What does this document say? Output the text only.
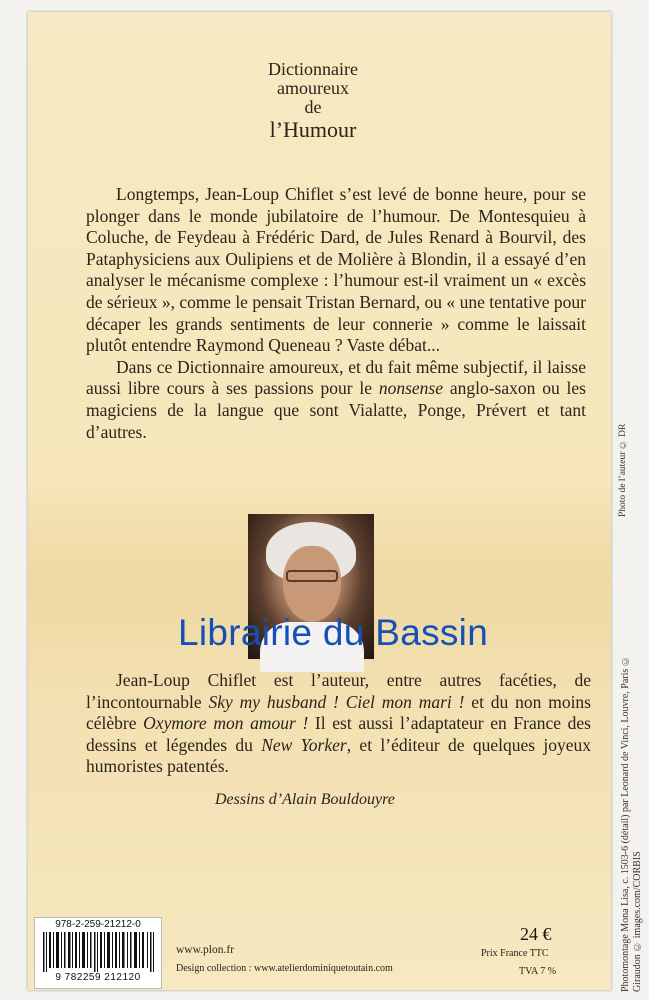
Dictionnaire
amoureux
de
l’Humour

Longtemps, Jean-Loup Chiflet s’est levé de bonne heure, pour se plonger dans le monde jubilatoire de l’humour. De Montesquieu à Coluche, de Feydeau à Frédéric Dard, de Jules Renard à Bourvil, des Pataphysiciens aux Oulipiens et de Molière à Blondin, il a essayé d’en analyser le mécanisme complexe : l’humour est-il vraiment un « excès de sérieux », comme le pensait Tristan Bernard, ou « une tentative pour décaper les grands sentiments de leur connerie » comme le laissait plutôt entendre Raymond Queneau ? Vaste débat...

Dans ce Dictionnaire amoureux, et du fait même subjectif, il laisse aussi libre cours à ses passions pour le nonsense anglo-saxon ou les magiciens de la langue que sont Vialatte, Ponge, Prévert et tant d’autres.	Photo de l’auteur © DR
Librairie du Bassin

Jean-Loup Chiflet est l’auteur, entre autres facéties, de l’incontournable Sky my husband ! Ciel mon mari ! et du non moins célèbre Oxymore mon amour ! Il est aussi l’adaptateur en France des dessins et légendes du New Yorker, et l’éditeur de quelques joyeux humoristes patentés.

Dessins d’Alain Bouldouyre	Photomontage Mona Lisa, c. 1503-6 (détail) par Leonard de Vinci, Louvre, Paris © Giraudon © images.com/CORBIS
978-2-259-21212-0
9 782259 212120
www.plon.fr
Design collection : www.atelierdominiquetoutain.com
24 €
Prix France TTC
TVA 7 %
